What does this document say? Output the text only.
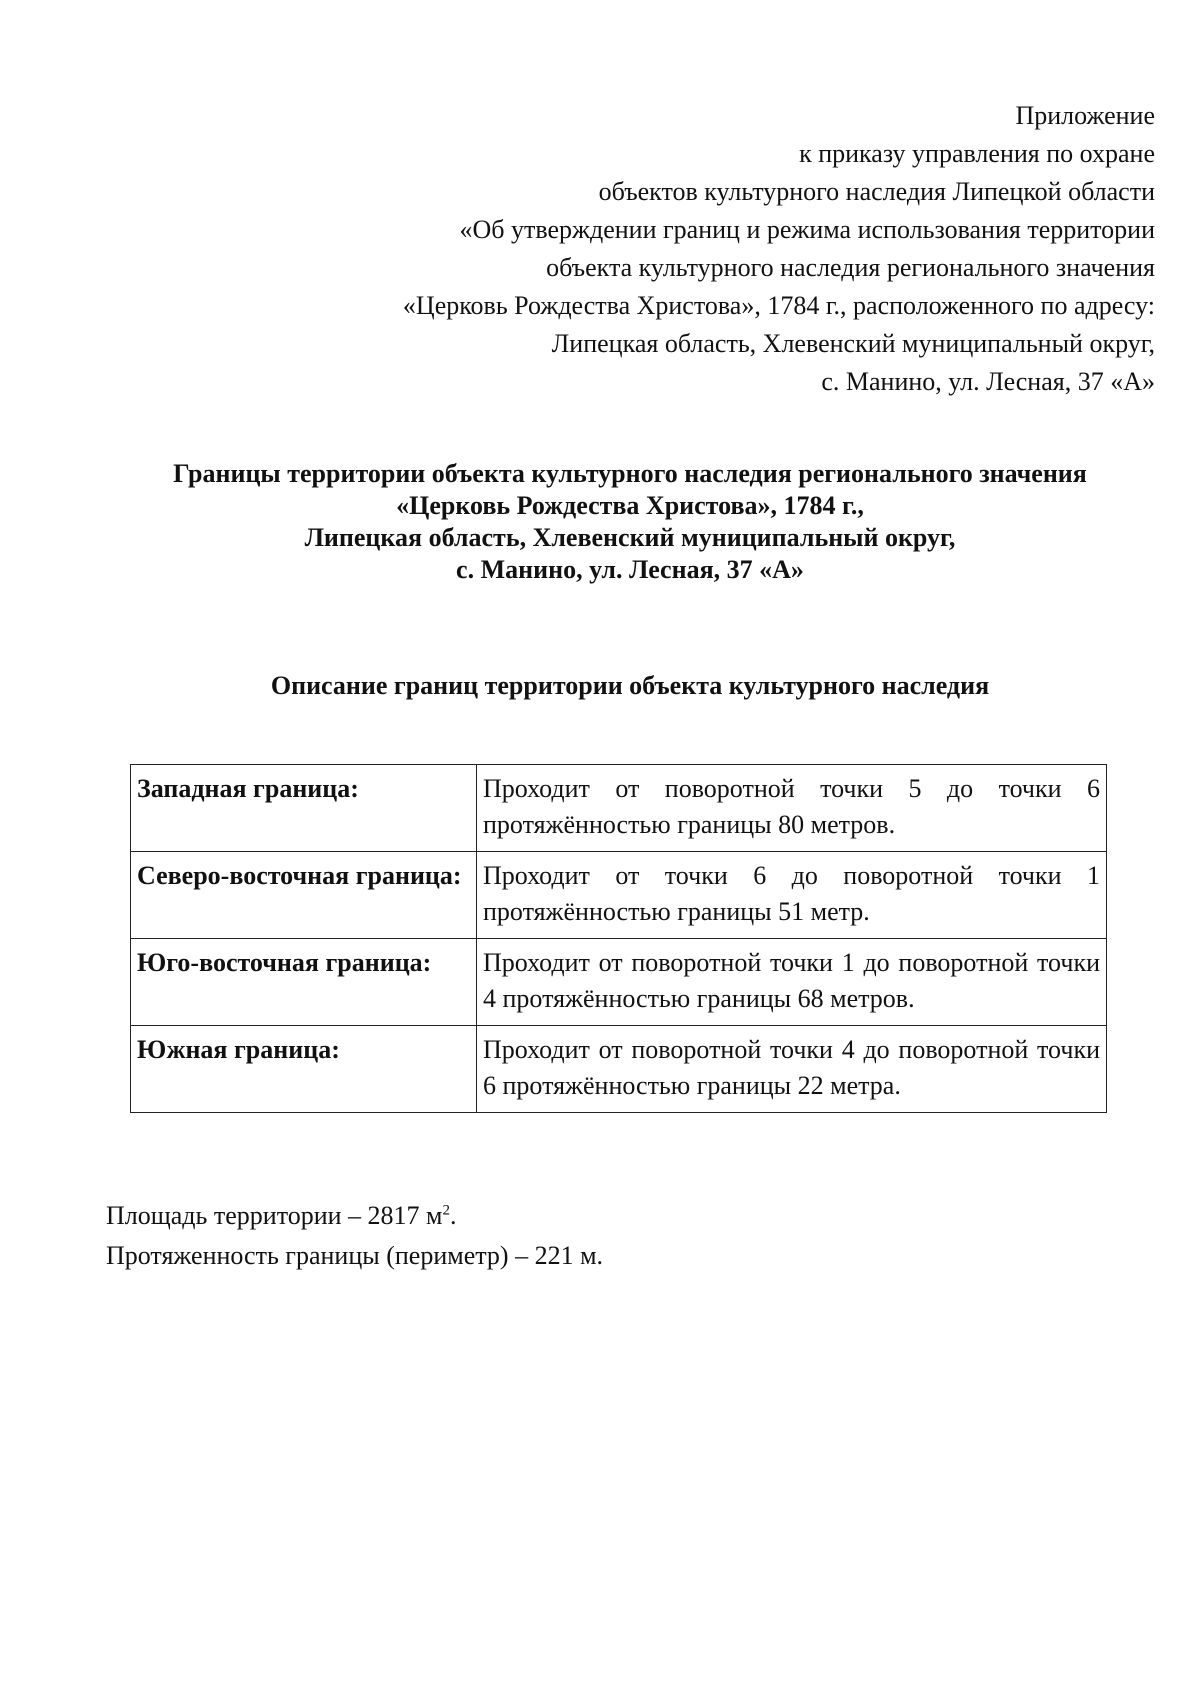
Приложение
к приказу управления по охране
объектов культурного наследия Липецкой области
«Об утверждении границ и режима использования территории
объекта культурного наследия регионального значения
«Церковь Рождества Христова», 1784 г., расположенного по адресу:
Липецкая область, Хлевенский муниципальный округ,
с. Манино, ул. Лесная, 37 «А»
Границы территории объекта культурного наследия регионального значения
«Церковь Рождества Христова», 1784 г.,
Липецкая область, Хлевенский муниципальный округ,
с. Манино, ул. Лесная, 37 «А»
Описание границ территории объекта культурного наследия
Западная граница:	Проходит от поворотной точки 5 до точки 6 протяжённостью границы 80 метров.
Северо-восточная граница:	Проходит от точки 6 до поворотной точки 1 протяжённостью границы 51 метр.
Юго-восточная граница:	Проходит от поворотной точки 1 до поворотной точки 4 протяжённостью границы 68 метров.
Южная граница:	Проходит от поворотной точки 4 до поворотной точки 6 протяжённостью границы 22 метра.
Площадь территории – 2817 $м^2$.
Протяженность границы (периметр) – 221 м.
